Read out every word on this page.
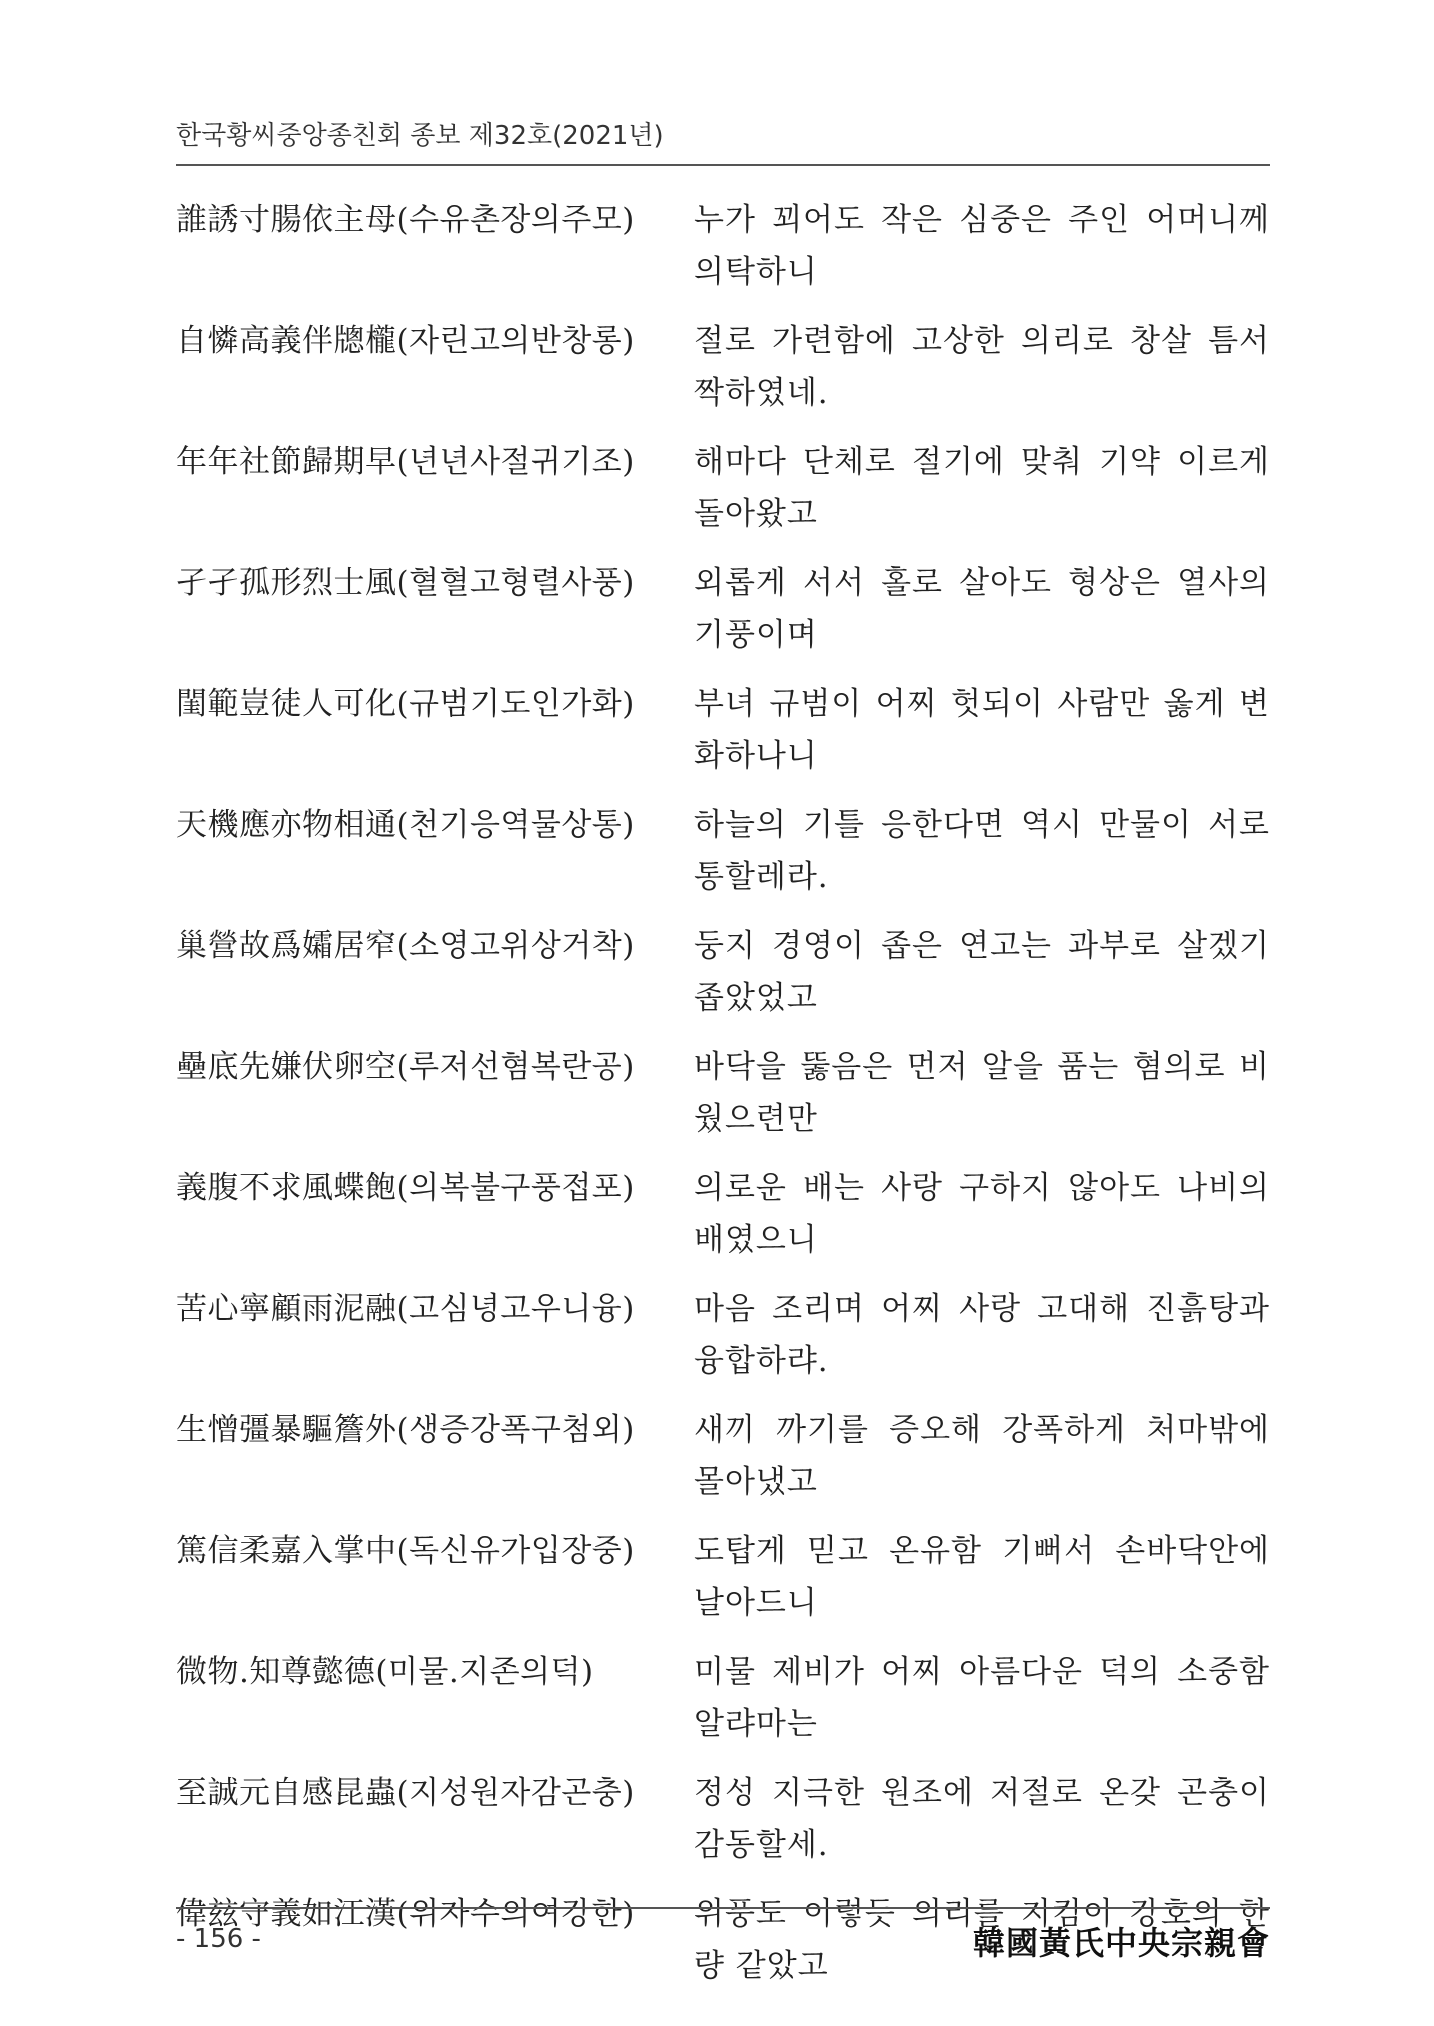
한국황씨중앙종친회 종보 제32호(2021년)
誰誘寸腸依主母(수유촌장의주모)	누가 꾀어도 작은 심중은 주인 어머니께 의탁하니
自憐高義伴牕櫳(자린고의반창롱)	절로 가련함에 고상한 의리로 창살 틈서 짝하였네.
年年社節歸期早(년년사절귀기조)	해마다 단체로 절기에 맞춰 기약 이르게 돌아왔고
孑孑孤形烈士風(혈혈고형렬사풍)	외롭게 서서 홀로 살아도 형상은 열사의 기풍이며
閨範豈徒人可化(규범기도인가화)	부녀 규범이 어찌 헛되이 사람만 옳게 변화하나니
天機應亦物相通(천기응역물상통)	하늘의 기틀 응한다면 역시 만물이 서로 통할레라.
巢營故爲孀居窄(소영고위상거착)	둥지 경영이 좁은 연고는 과부로 살겠기 좁았었고
壘底先嫌伏卵空(루저선혐복란공)	바닥을 뚫음은 먼저 알을 품는 혐의로 비웠으련만
義腹不求風蝶飽(의복불구풍접포)	의로운 배는 사랑 구하지 않아도 나비의 배였으니
苦心寧顧雨泥融(고심녕고우니융)	마음 조리며 어찌 사랑 고대해 진흙탕과 융합하랴.
生憎彊暴驅簷外(생증강폭구첨외)	새끼 까기를 증오해 강폭하게 처마밖에 몰아냈고
篤信柔嘉入掌中(독신유가입장중)	도탑게 믿고 온유함 기뻐서 손바닥안에 날아드니
微物.知尊懿德(미물.지존의덕)	미물 제비가 어찌 아름다운 덕의 소중함 알랴마는
至誠元自感昆蟲(지성원자감곤충)	정성 지극한 원조에 저절로 온갖 곤충이 감동할세.
偉玆守義如江漢(위자수의여강한)	위풍도 이렇듯 의리를 지킴이 강호의 한량 같았고
- 156 -	韓國黃氏中央宗親會
